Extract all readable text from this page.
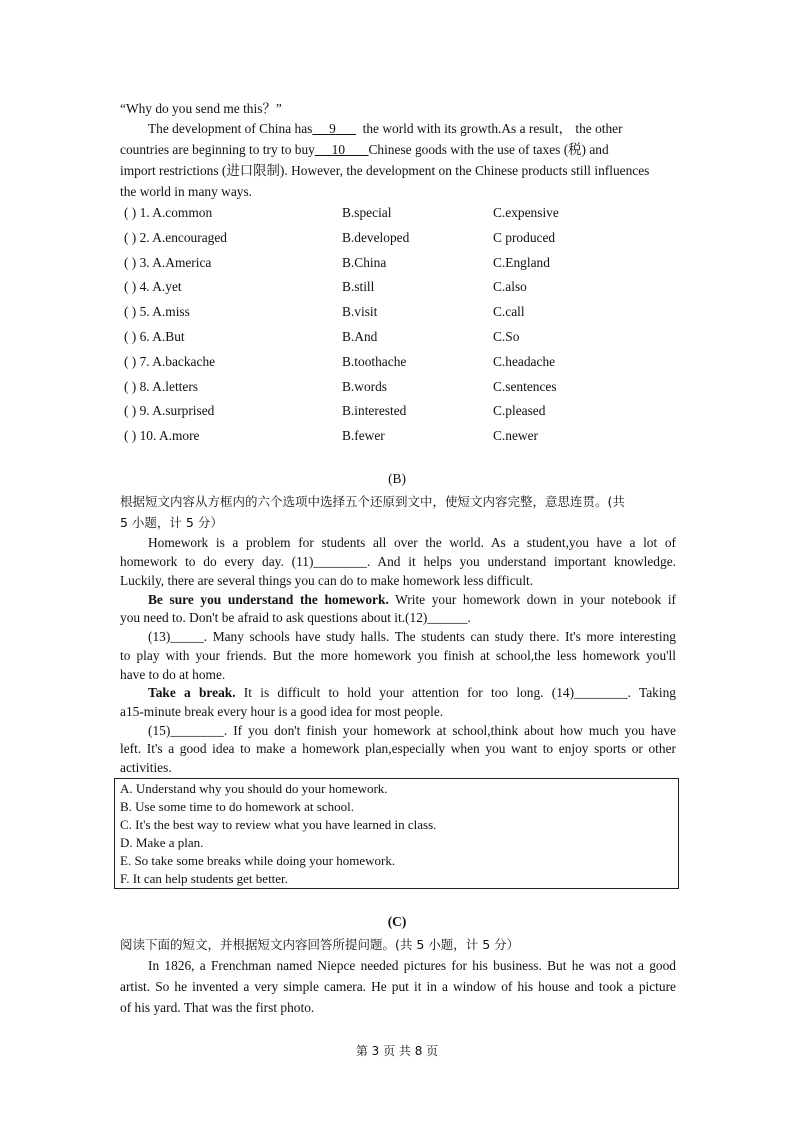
“Why do you send me this？”

The development of China has 9 the world with its growth.As a result， the other

countries are beginning to try to buy 10 Chinese goods with the use of taxes (税) and

import restrictions (进口限制). However, the development on the Chinese products still influences

the world in many ways.

( ) 1. A.common	B.special	C.expensive
( ) 2. A.encouraged	B.developed	C produced
( ) 3. A.America	B.China	C.England
( ) 4. A.yet	B.still	C.also
( ) 5. A.miss	B.visit	C.call
( ) 6. A.But	B.And	C.So
( ) 7. A.backache	B.toothache	C.headache
( ) 8. A.letters	B.words	C.sentences
( ) 9. A.surprised	B.interested	C.pleased
( ) 10. A.more	B.fewer	C.newer

(B)

根据短文内容从方框内的六个选项中选择五个还原到文中，使短文内容完整，意思连贯。(共

5 小题，计 5 分）

Homework is a problem for students all over the world. As a student,you have a lot of

homework to do every day. (11)________. And it helps you understand important knowledge.

Luckily, there are several things you can do to make homework less difficult.

Be sure you understand the homework. Write your homework down in your notebook if

you need to. Don't be afraid to ask questions about it.(12)______.

(13)_____. Many schools have study halls. The students can study there. It's more interesting

to play with your friends. But the more homework you finish at school,the less homework you'll

have to do at home.

Take a break. It is difficult to hold your attention for too long. (14)________. Taking

a15-minute break every hour is a good idea for most people.

(15)________. If you don't finish your homework at school,think about how much you have

left. It's a good idea to make a homework plan,especially when you want to enjoy sports or other

activities.

A. Understand why you should do your homework.

B. Use some time to do homework at school.

C. It's the best way to review what you have learned in class.

D. Make a plan.

E. So take some breaks while doing your homework.

F. It can help students get better.

(C)

阅读下面的短文，并根据短文内容回答所提问题。(共 5 小题，计 5 分）

In 1826, a Frenchman named Niepce needed pictures for his business. But he was not a good

artist. So he invented a very simple camera. He put it in a window of his house and took a picture

of his yard. That was the first photo.

第 3 页 共 8 页
